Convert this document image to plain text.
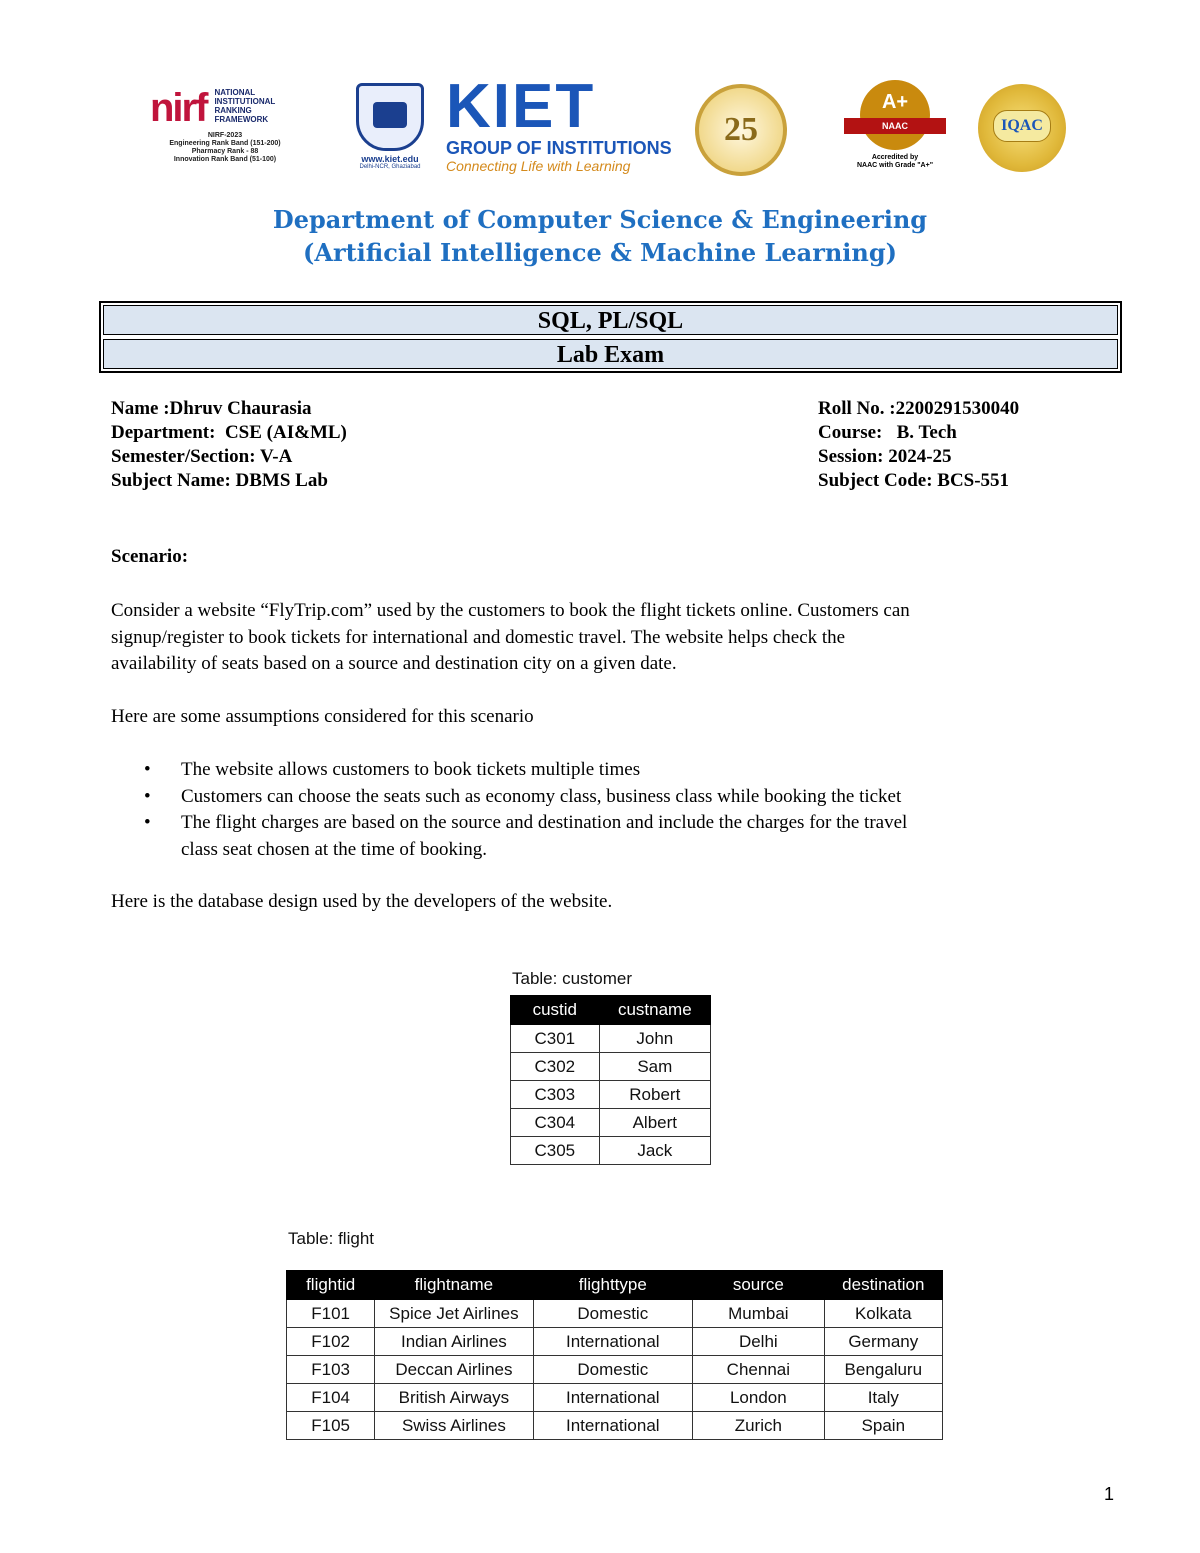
nirf NATIONAL
INSTITUTIONAL
RANKING
FRAMEWORK
NIRF-2023
Engineering Rank Band (151-200)
Pharmacy Rank - 88
Innovation Rank Band (51-100)	www.kiet.edu
Delhi-NCR, Ghaziabad
KIET
GROUP OF INSTITUTIONS
Connecting Life with Learning
25
A+
NAAC
Accredited by
NAAC with Grade "A+"
IQAC
Department of Computer Science & Engineering
(Artificial Intelligence & Machine Learning)
SQL, PL/SQL
Lab Exam
Name :Dhruv Chaurasia
Department:  CSE (AI&ML)
Semester/Section: V-A
Subject Name: DBMS Lab
Roll No. :2200291530040
Course:   B. Tech
Session: 2024-25
Subject Code: BCS-551
Scenario:
Consider a website “FlyTrip.com” used by the customers to book the flight tickets online. Customers can
signup/register to book tickets for international and domestic travel. The website helps check the
availability of seats based on a source and destination city on a given date.
Here are some assumptions considered for this scenario
• The website allows customers to book tickets multiple times
• Customers can choose the seats such as economy class, business class while booking the ticket
• The flight charges are based on the source and destination and include the charges for the travel
class seat chosen at the time of booking.
Here is the database design used by the developers of the website.
Table: customer
custid	custname
C301	John
C302	Sam
C303	Robert
C304	Albert
C305	Jack
Table: flight
flightid	flightname	flighttype	source	destination
F101	Spice Jet Airlines	Domestic	Mumbai	Kolkata
F102	Indian Airlines	International	Delhi	Germany
F103	Deccan Airlines	Domestic	Chennai	Bengaluru
F104	British Airways	International	London	Italy
F105	Swiss Airlines	International	Zurich	Spain
1
